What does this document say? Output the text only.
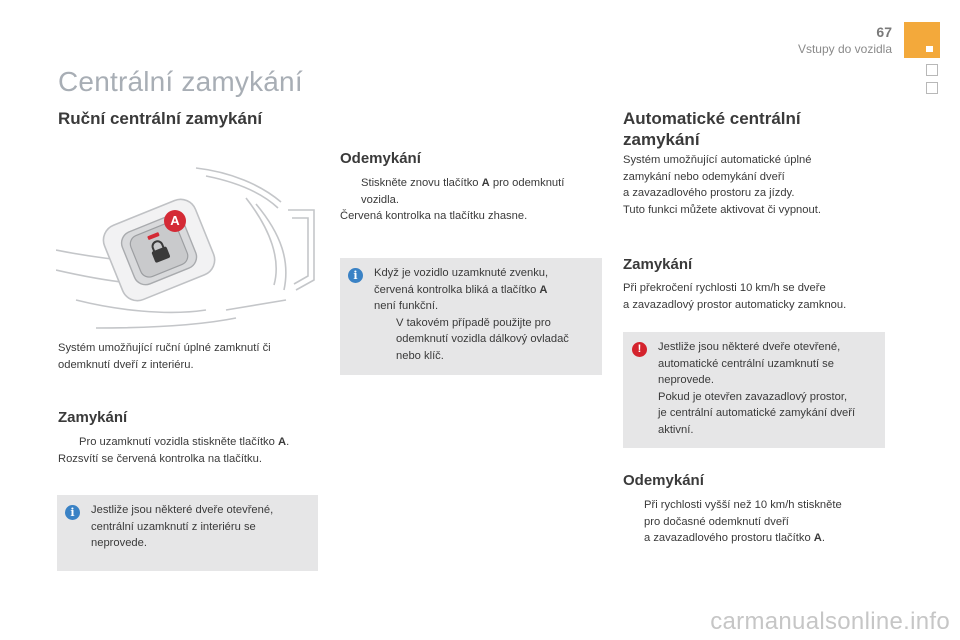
67
Vstupy do vozidla
Centrální zamykání
Ruční centrální zamykání
A
Systém umožňující ruční úplné zamknutí či
odemknutí dveří z interiéru.
Zamykání
Pro uzamknutí vozidla stiskněte tlačítko A.
Rozsvítí se červená kontrolka na tlačítku.
i	Jestliže jsou některé dveře otevřené,
centrální uzamknutí z interiéru se
neprovede.
Odemykání
Stiskněte znovu tlačítko A pro odemknutí
vozidla.
Červená kontrolka na tlačítku zhasne.
i	Když je vozidlo uzamknuté zvenku,
červená kontrolka bliká a tlačítko A
není funkční.
V takovém případě použijte pro
odemknutí vozidla dálkový ovladač
nebo klíč.
Automatické centrální
zamykání
Systém umožňující automatické úplné
zamykání nebo odemykání dveří
a zavazadlového prostoru za jízdy.
Tuto funkci můžete aktivovat či vypnout.
Zamykání
Při překročení rychlosti 10 km/h se dveře
a zavazadlový prostor automaticky zamknou.
!	Jestliže jsou některé dveře otevřené,
automatické centrální uzamknutí se
neprovede.
Pokud je otevřen zavazadlový prostor,
je centrální automatické zamykání dveří
aktivní.
Odemykání
Při rychlosti vyšší než 10 km/h stiskněte
pro dočasné odemknutí dveří
a zavazadlového prostoru tlačítko A.
carmanualsonline.info
